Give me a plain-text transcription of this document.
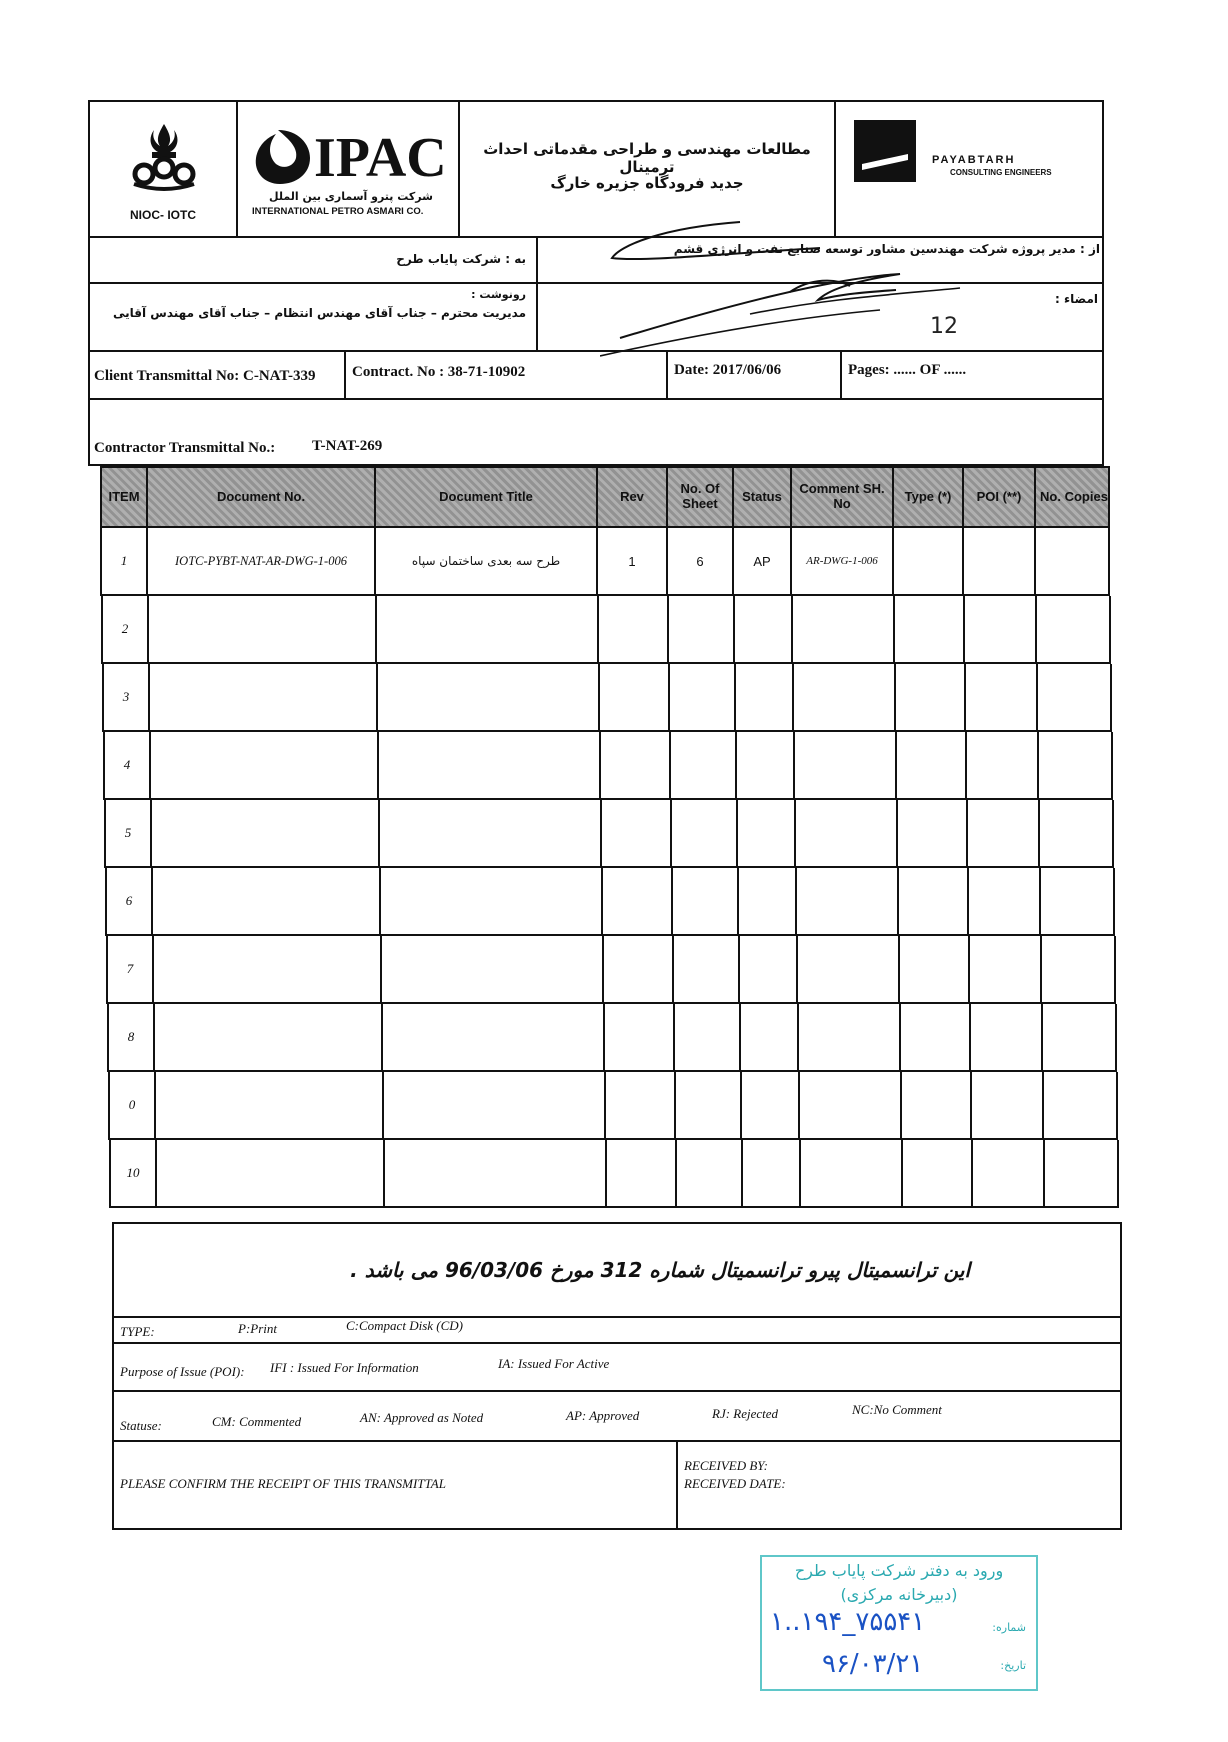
NIOC- IOTC
IPAC
شرکت پترو آسماری بین الملل
INTERNATIONAL PETRO ASMARI CO.
مطالعات مهندسی و طراحی مقدماتی احداث ترمینال
جدید فرودگاه جزیره خارگ
PAYABTARH
CONSULTING ENGINEERS
به : شرکت پایاب طرح
از : مدیر پروژه شرکت مهندسین مشاور توسعه صنایع نفت و انرژی قشم
رونوشت :
مدیریت محترم – جناب آقای مهندس انتظام – جناب آقای مهندس آقایی
امضاء :
12
Client Transmittal No: C-NAT-339 Contract. No : 38-71-10902	Date: 2017/06/06	Pages: ...... OF ......
Contractor Transmittal No.: T-NAT-269
ITEM	Document No.	Document Title	Rev	No. Of Sheet	Status	Comment SH. No	Type (*)	POI (**)	No. Copies
1	IOTC-PYBT-NAT-AR-DWG-1-006	طرح سه بعدی ساختمان سپاه	1	6	AP	AR-DWG-1-006
2
3
4
5
6
7
8
0
10
این ترانسمیتال پیرو ترانسمیتال شماره 312 مورخ 96/03/06 می باشد .
TYPE:	P:Print	C:Compact Disk (CD)
Purpose of Issue (POI): IFI : Issued For Information	IA: Issued For Active
Statuse:	CM: Commented	AN: Approved as Noted	AP: Approved	RJ: Rejected	NC:No Comment
PLEASE CONFIRM THE RECEIPT OF THIS TRANSMITTAL
RECEIVED BY:
RECEIVED DATE:
ورود به دفتر شرکت پایاب طرح
(دبیرخانه مرکزی)
شماره:
تاریخ:
۱..۱۹۴_۷۵۵۴۱
۹۶/۰۳/۲۱
